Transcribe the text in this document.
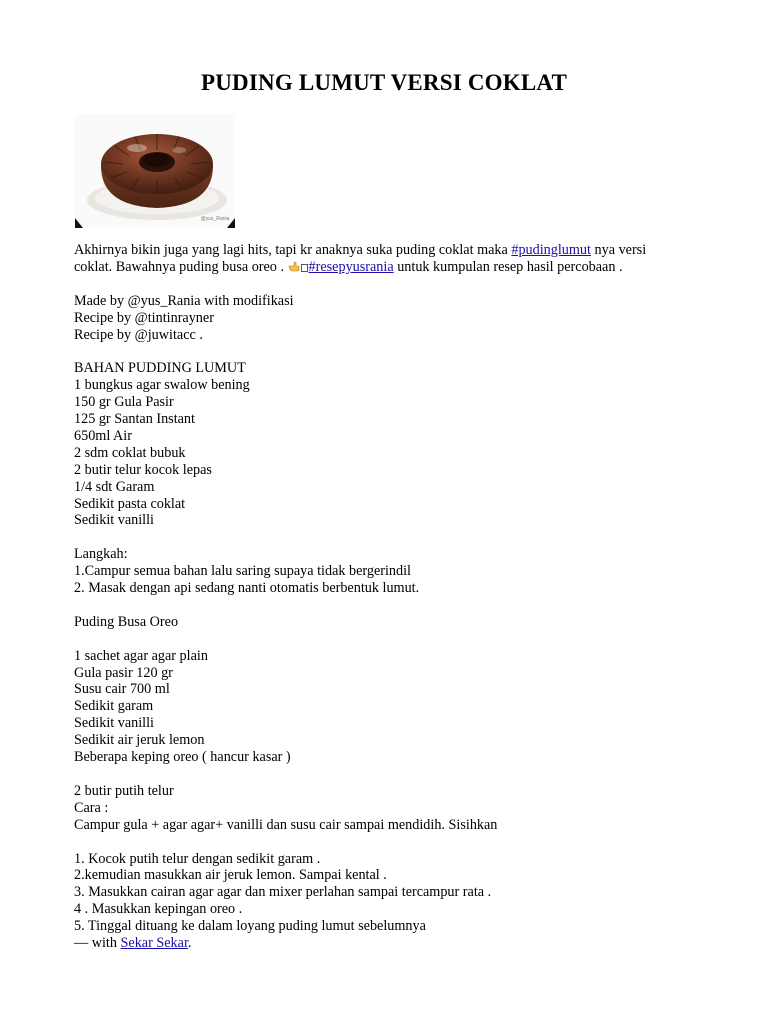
PUDING LUMUT VERSI COKLAT
@yus_Rania

Akhirnya bikin juga yang lagi hits, tapi kr anaknya suka puding coklat maka #pudinglumut nya versi

coklat. Bawahnya puding busa oreo . #resepyusrania untuk kumpulan resep hasil percobaan .

Made by @yus_Rania with modifikasi

Recipe by @tintinrayner

Recipe by @juwitacc .

BAHAN PUDDING LUMUT

1 bungkus agar swalow bening

150 gr Gula Pasir

125 gr Santan Instant

650ml Air

2 sdm coklat bubuk

2 butir telur kocok lepas

1/4 sdt Garam

Sedikit pasta coklat

Sedikit vanilli

Langkah:

1.Campur semua bahan lalu saring supaya tidak bergerindil

2. Masak dengan api sedang nanti otomatis berbentuk lumut.

Puding Busa Oreo

1 sachet agar agar plain

Gula pasir 120 gr

Susu cair 700 ml

Sedikit garam

Sedikit vanilli

Sedikit air jeruk lemon

Beberapa keping oreo ( hancur kasar )

2 butir putih telur

Cara :

Campur gula + agar agar+ vanilli dan susu cair sampai mendidih. Sisihkan

1. Kocok putih telur dengan sedikit garam .

2.kemudian masukkan air jeruk lemon. Sampai kental .

3. Masukkan cairan agar agar dan mixer perlahan sampai tercampur rata .

4 . Masukkan kepingan oreo .

5. Tinggal dituang ke dalam loyang puding lumut sebelumnya

— with Sekar Sekar.
